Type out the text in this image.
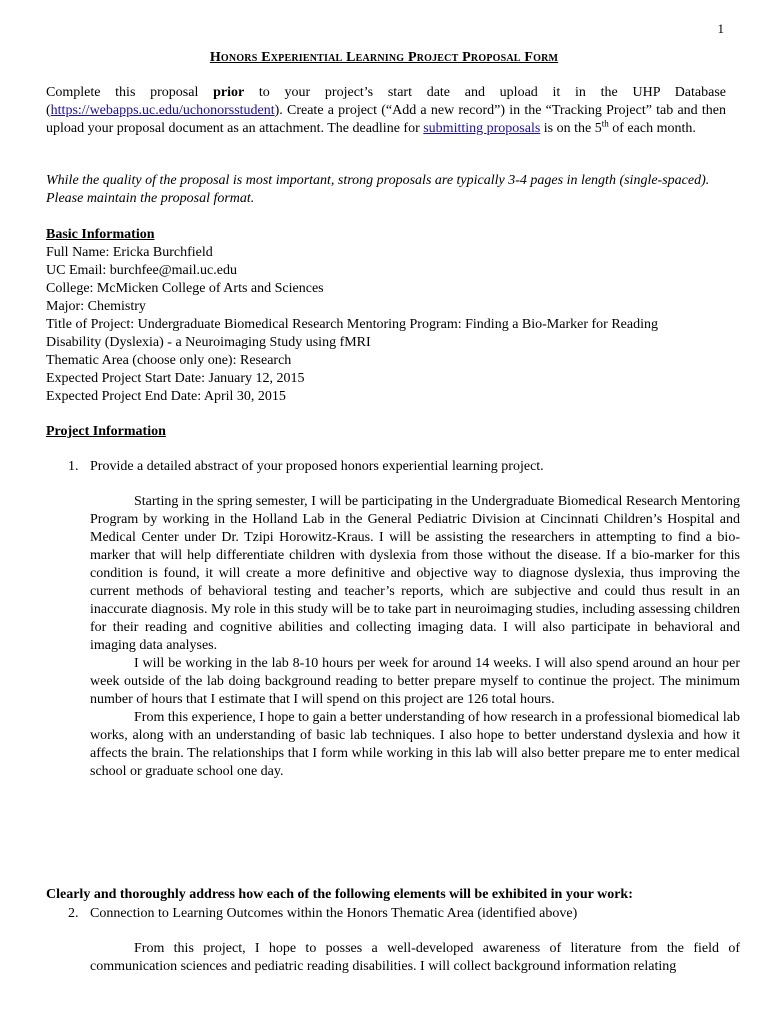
1
Honors Experiential Learning Project Proposal Form
Complete this proposal prior to your project’s start date and upload it in the UHP Database (https://webapps.uc.edu/uchonorsstudent). Create a project (“Add a new record”) in the “Tracking Project” tab and then upload your proposal document as an attachment. The deadline for submitting proposals is on the 5th of each month.
While the quality of the proposal is most important, strong proposals are typically 3-4 pages in length (single-spaced). Please maintain the proposal format.
Basic Information
Full Name: Ericka Burchfield
UC Email: burchfee@mail.uc.edu
College: McMicken College of Arts and Sciences
Major: Chemistry
Title of Project: Undergraduate Biomedical Research Mentoring Program: Finding a Bio-Marker for Reading
Disability (Dyslexia) - a Neuroimaging Study using fMRI
Thematic Area (choose only one): Research
Expected Project Start Date: January 12, 2015
Expected Project End Date: April 30, 2015
Project Information
1. Provide a detailed abstract of your proposed honors experiential learning project.

Starting in the spring semester, I will be participating in the Undergraduate Biomedical Research Mentoring Program by working in the Holland Lab in the General Pediatric Division at Cincinnati Children’s Hospital and Medical Center under Dr. Tzipi Horowitz-Kraus. I will be assisting the researchers in attempting to find a bio-marker that will help differentiate children with dyslexia from those without the disease. If a bio-marker for this condition is found, it will create a more definitive and objective way to diagnose dyslexia, thus improving the current methods of behavioral testing and teacher’s reports, which are subjective and could thus result in an inaccurate diagnosis. My role in this study will be to take part in neuroimaging studies, including assessing children for their reading and cognitive abilities and collecting imaging data. I will also participate in behavioral and imaging data analyses.

I will be working in the lab 8-10 hours per week for around 14 weeks. I will also spend around an hour per week outside of the lab doing background reading to better prepare myself to continue the project. The minimum number of hours that I estimate that I will spend on this project are 126 total hours.

From this experience, I hope to gain a better understanding of how research in a professional biomedical lab works, along with an understanding of basic lab techniques. I also hope to better understand dyslexia and how it affects the brain. The relationships that I form while working in this lab will also better prepare me to enter medical school or graduate school one day.

Clearly and thoroughly address how each of the following elements will be exhibited in your work:
2. Connection to Learning Outcomes within the Honors Thematic Area (identified above)

From this project, I hope to posses a well-developed awareness of literature from the field of communication sciences and pediatric reading disabilities. I will collect background information relating
